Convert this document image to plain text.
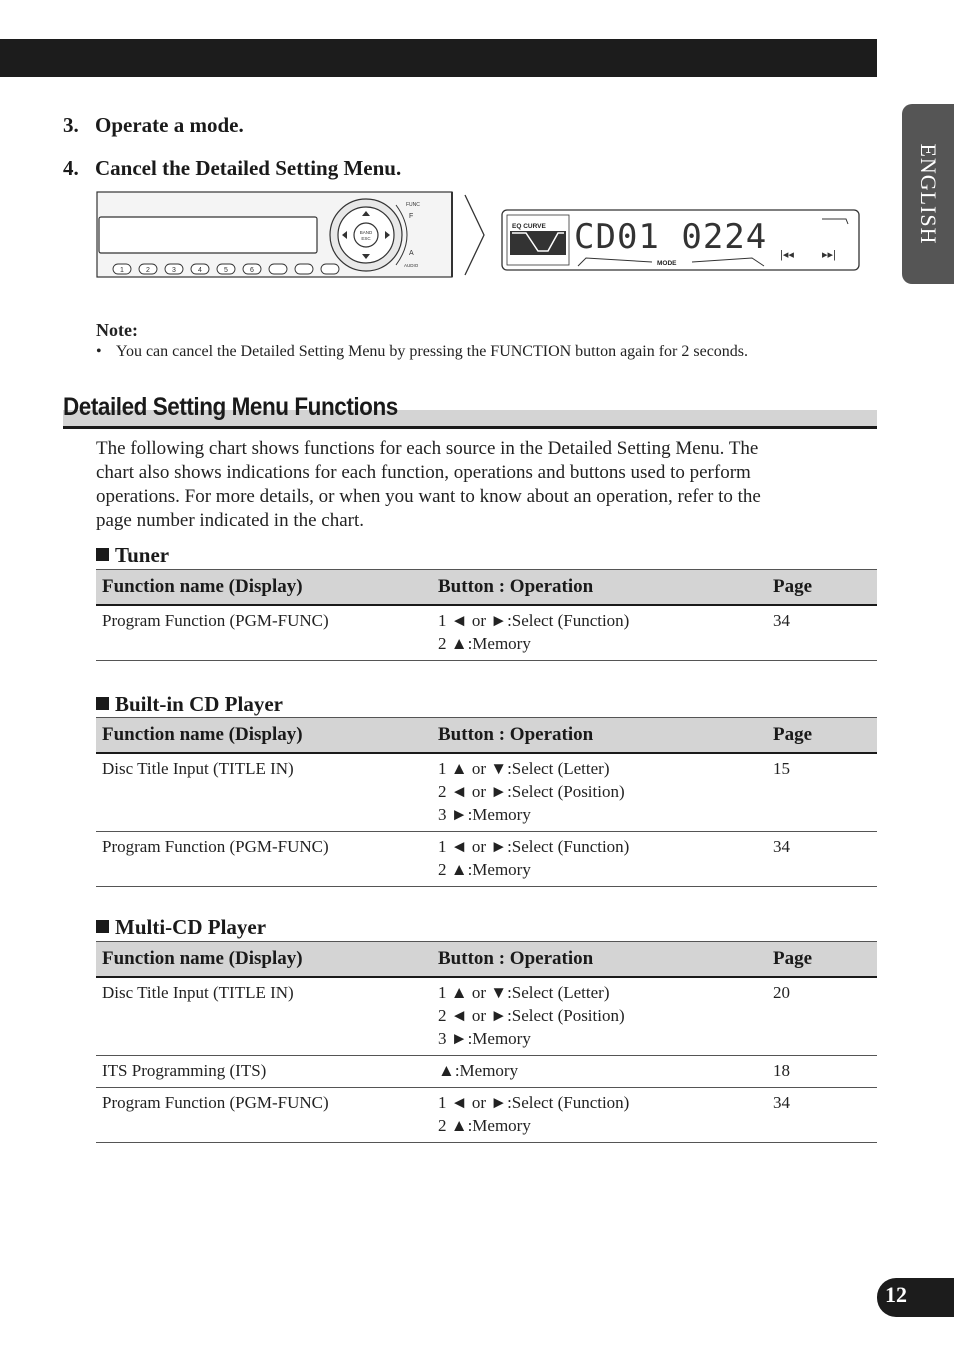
ENGLISH
3. Operate a mode.
4. Cancel the Detailed Setting Menu.
BAND
ESC
FUNC
F
A
AUDIO
1	2	3	4	5	6
EQ CURVE CD01 0224
MODE
|◂◂	▸▸|
Note:
• You can cancel the Detailed Setting Menu by pressing the FUNCTION button again for 2 seconds.
Detailed Setting Menu Functions
The following chart shows functions for each source in the Detailed Setting Menu. The
chart also shows indications for each function, operations and buttons used to perform
operations. For more details, or when you want to know about an operation, refer to the
page number indicated in the chart.
Tuner
Function name (Display)	Button : Operation	Page
Program Function (PGM-FUNC)	1 ◄ or ►:Select (Function)
2 ▲:Memory	34
Built-in CD Player
Function name (Display)	Button : Operation	Page
Disc Title Input (TITLE IN)	1 ▲ or ▼:Select (Letter)
2 ◄ or ►:Select (Position)
3 ►:Memory	15
Program Function (PGM-FUNC)	1 ◄ or ►:Select (Function)
2 ▲:Memory	34
Multi-CD Player
Function name (Display)	Button : Operation	Page
Disc Title Input (TITLE IN)	1 ▲ or ▼:Select (Letter)
2 ◄ or ►:Select (Position)
3 ►:Memory	20
ITS Programming (ITS)	▲:Memory	18
Program Function (PGM-FUNC)	1 ◄ or ►:Select (Function)
2 ▲:Memory	34
12
